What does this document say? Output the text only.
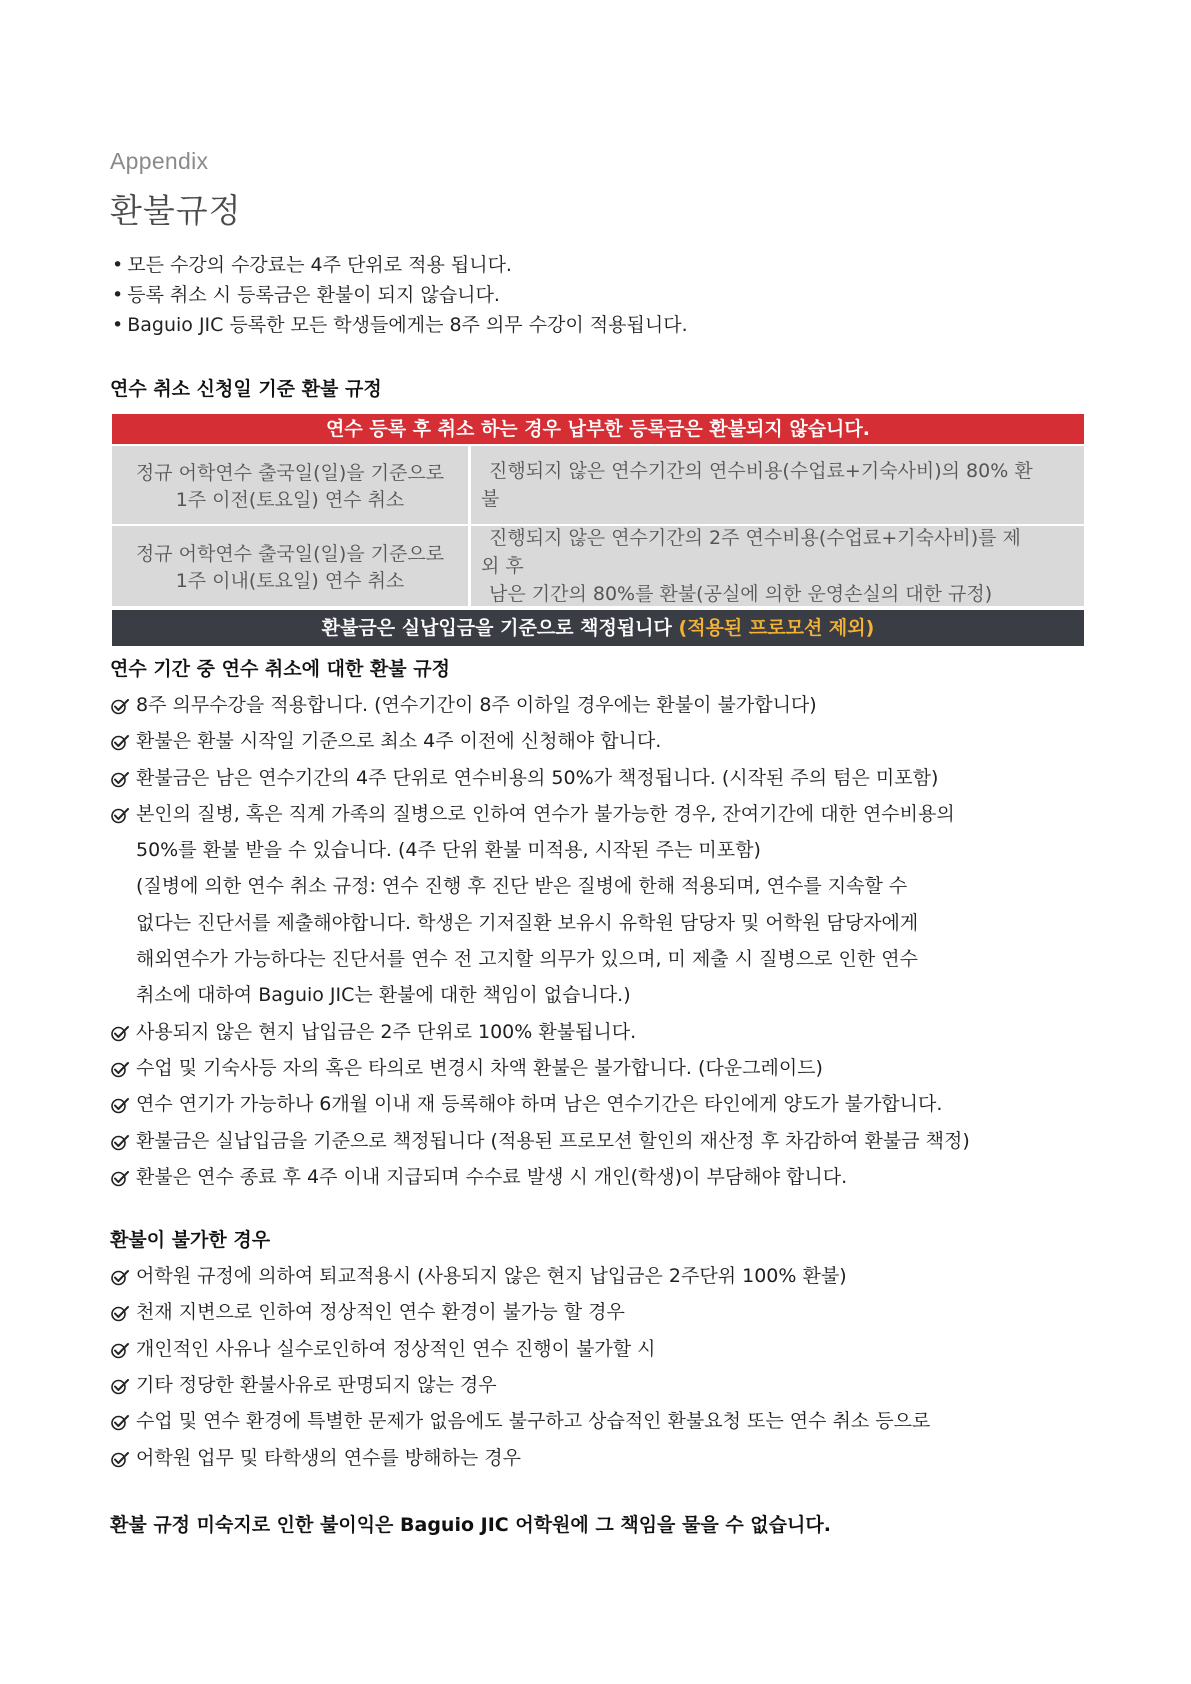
Appendix

환불규정
• 모든 수강의 수강료는 4주 단위로 적용 됩니다.
• 등록 취소 시 등록금은 환불이 되지 않습니다.
• Baguio JIC 등록한 모든 학생들에게는 8주 의무 수강이 적용됩니다.

연수 취소 신청일 기준 환불 규정

연수 등록 후 취소 하는 경우 납부한 등록금은 환불되지 않습니다.
정규 어학연수 출국일(일)을 기준으로
1주 이전(토요일) 연수 취소
진행되지 않은 연수기간의 연수비용(수업료+기숙사비)의 80% 환
불
정규 어학연수 출국일(일)을 기준으로
1주 이내(토요일) 연수 취소
진행되지 않은 연수기간의 2주 연수비용(수업료+기숙사비)를 제
외 후
남은 기간의 80%를 환불(공실에 의한 운영손실의 대한 규정)
환불금은 실납입금을 기준으로 책정됩니다 (적용된 프로모션 제외)

연수 기간 중 연수 취소에 대한 환불 규정

8주 의무수강을 적용합니다. (연수기간이 8주 이하일 경우에는 환불이 불가합니다)
환불은 환불 시작일 기준으로 최소 4주 이전에 신청해야 합니다.
환불금은 남은 연수기간의 4주 단위로 연수비용의 50%가 책정됩니다. (시작된 주의 텀은 미포함)
본인의 질병, 혹은 직계 가족의 질병으로 인하여 연수가 불가능한 경우, 잔여기간에 대한 연수비용의
50%를 환불 받을 수 있습니다. (4주 단위 환불 미적용, 시작된 주는 미포함)
(질병에 의한 연수 취소 규정: 연수 진행 후 진단 받은 질병에 한해 적용되며, 연수를 지속할 수
없다는 진단서를 제출해야합니다. 학생은 기저질환 보유시 유학원 담당자 및 어학원 담당자에게
해외연수가 가능하다는 진단서를 연수 전 고지할 의무가 있으며, 미 제출 시 질병으로 인한 연수
취소에 대하여 Baguio JIC는 환불에 대한 책임이 없습니다.)
사용되지 않은 현지 납입금은 2주 단위로 100% 환불됩니다.
수업 및 기숙사등 자의 혹은 타의로 변경시 차액 환불은 불가합니다. (다운그레이드)
연수 연기가 가능하나 6개월 이내 재 등록해야 하며 남은 연수기간은 타인에게 양도가 불가합니다.
환불금은 실납입금을 기준으로 책정됩니다 (적용된 프로모션 할인의 재산정 후 차감하여 환불금 책정)
환불은 연수 종료 후 4주 이내 지급되며 수수료 발생 시 개인(학생)이 부담해야 합니다.

환불이 불가한 경우

어학원 규정에 의하여 퇴교적용시 (사용되지 않은 현지 납입금은 2주단위 100% 환불)
천재 지변으로 인하여 정상적인 연수 환경이 불가능 할 경우
개인적인 사유나 실수로인하여 정상적인 연수 진행이 불가할 시
기타 정당한 환불사유로 판명되지 않는 경우
수업 및 연수 환경에 특별한 문제가 없음에도 불구하고 상습적인 환불요청 또는 연수 취소 등으로
어학원 업무 및 타학생의 연수를 방해하는 경우

환불 규정 미숙지로 인한 불이익은 Baguio JIC 어학원에 그 책임을 물을 수 없습니다.
